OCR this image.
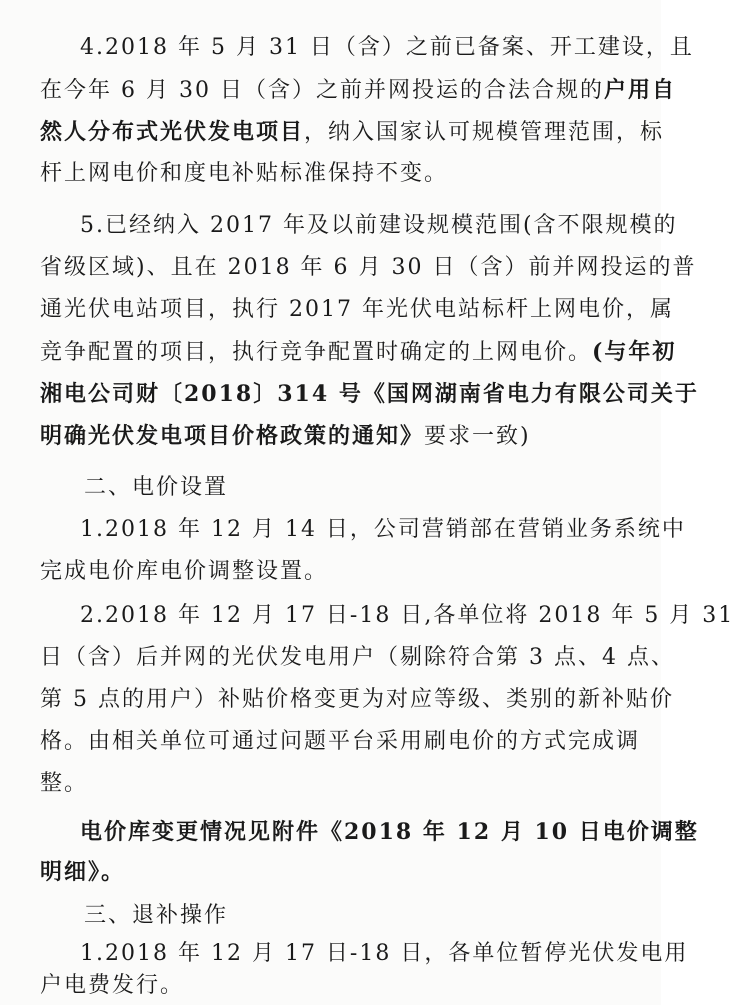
4.2018 年 5 月 31 日（含）之前已备案、开工建设，且
在今年 6 月 30 日（含）之前并网投运的合法合规的户用自
然人分布式光伏发电项目，纳入国家认可规模管理范围，标
杆上网电价和度电补贴标准保持不变。
5.已经纳入 2017 年及以前建设规模范围(含不限规模的
省级区域)、且在 2018 年 6 月 30 日（含）前并网投运的普
通光伏电站项目，执行 2017 年光伏电站标杆上网电价，属
竞争配置的项目，执行竞争配置时确定的上网电价。(与年初
湘电公司财〔2018〕314 号《国网湖南省电力有限公司关于
明确光伏发电项目价格政策的通知》要求一致)
二、电价设置
1.2018 年 12 月 14 日，公司营销部在营销业务系统中
完成电价库电价调整设置。
2.2018 年 12 月 17 日-18 日,各单位将 2018 年 5 月 31
日（含）后并网的光伏发电用户（剔除符合第 3 点、4 点、
第 5 点的用户）补贴价格变更为对应等级、类别的新补贴价
格。由相关单位可通过问题平台采用刷电价的方式完成调
整。
电价库变更情况见附件《2018 年 12 月 10 日电价调整
明细》。
三、退补操作
1.2018 年 12 月 17 日-18 日，各单位暂停光伏发电用
户电费发行。
